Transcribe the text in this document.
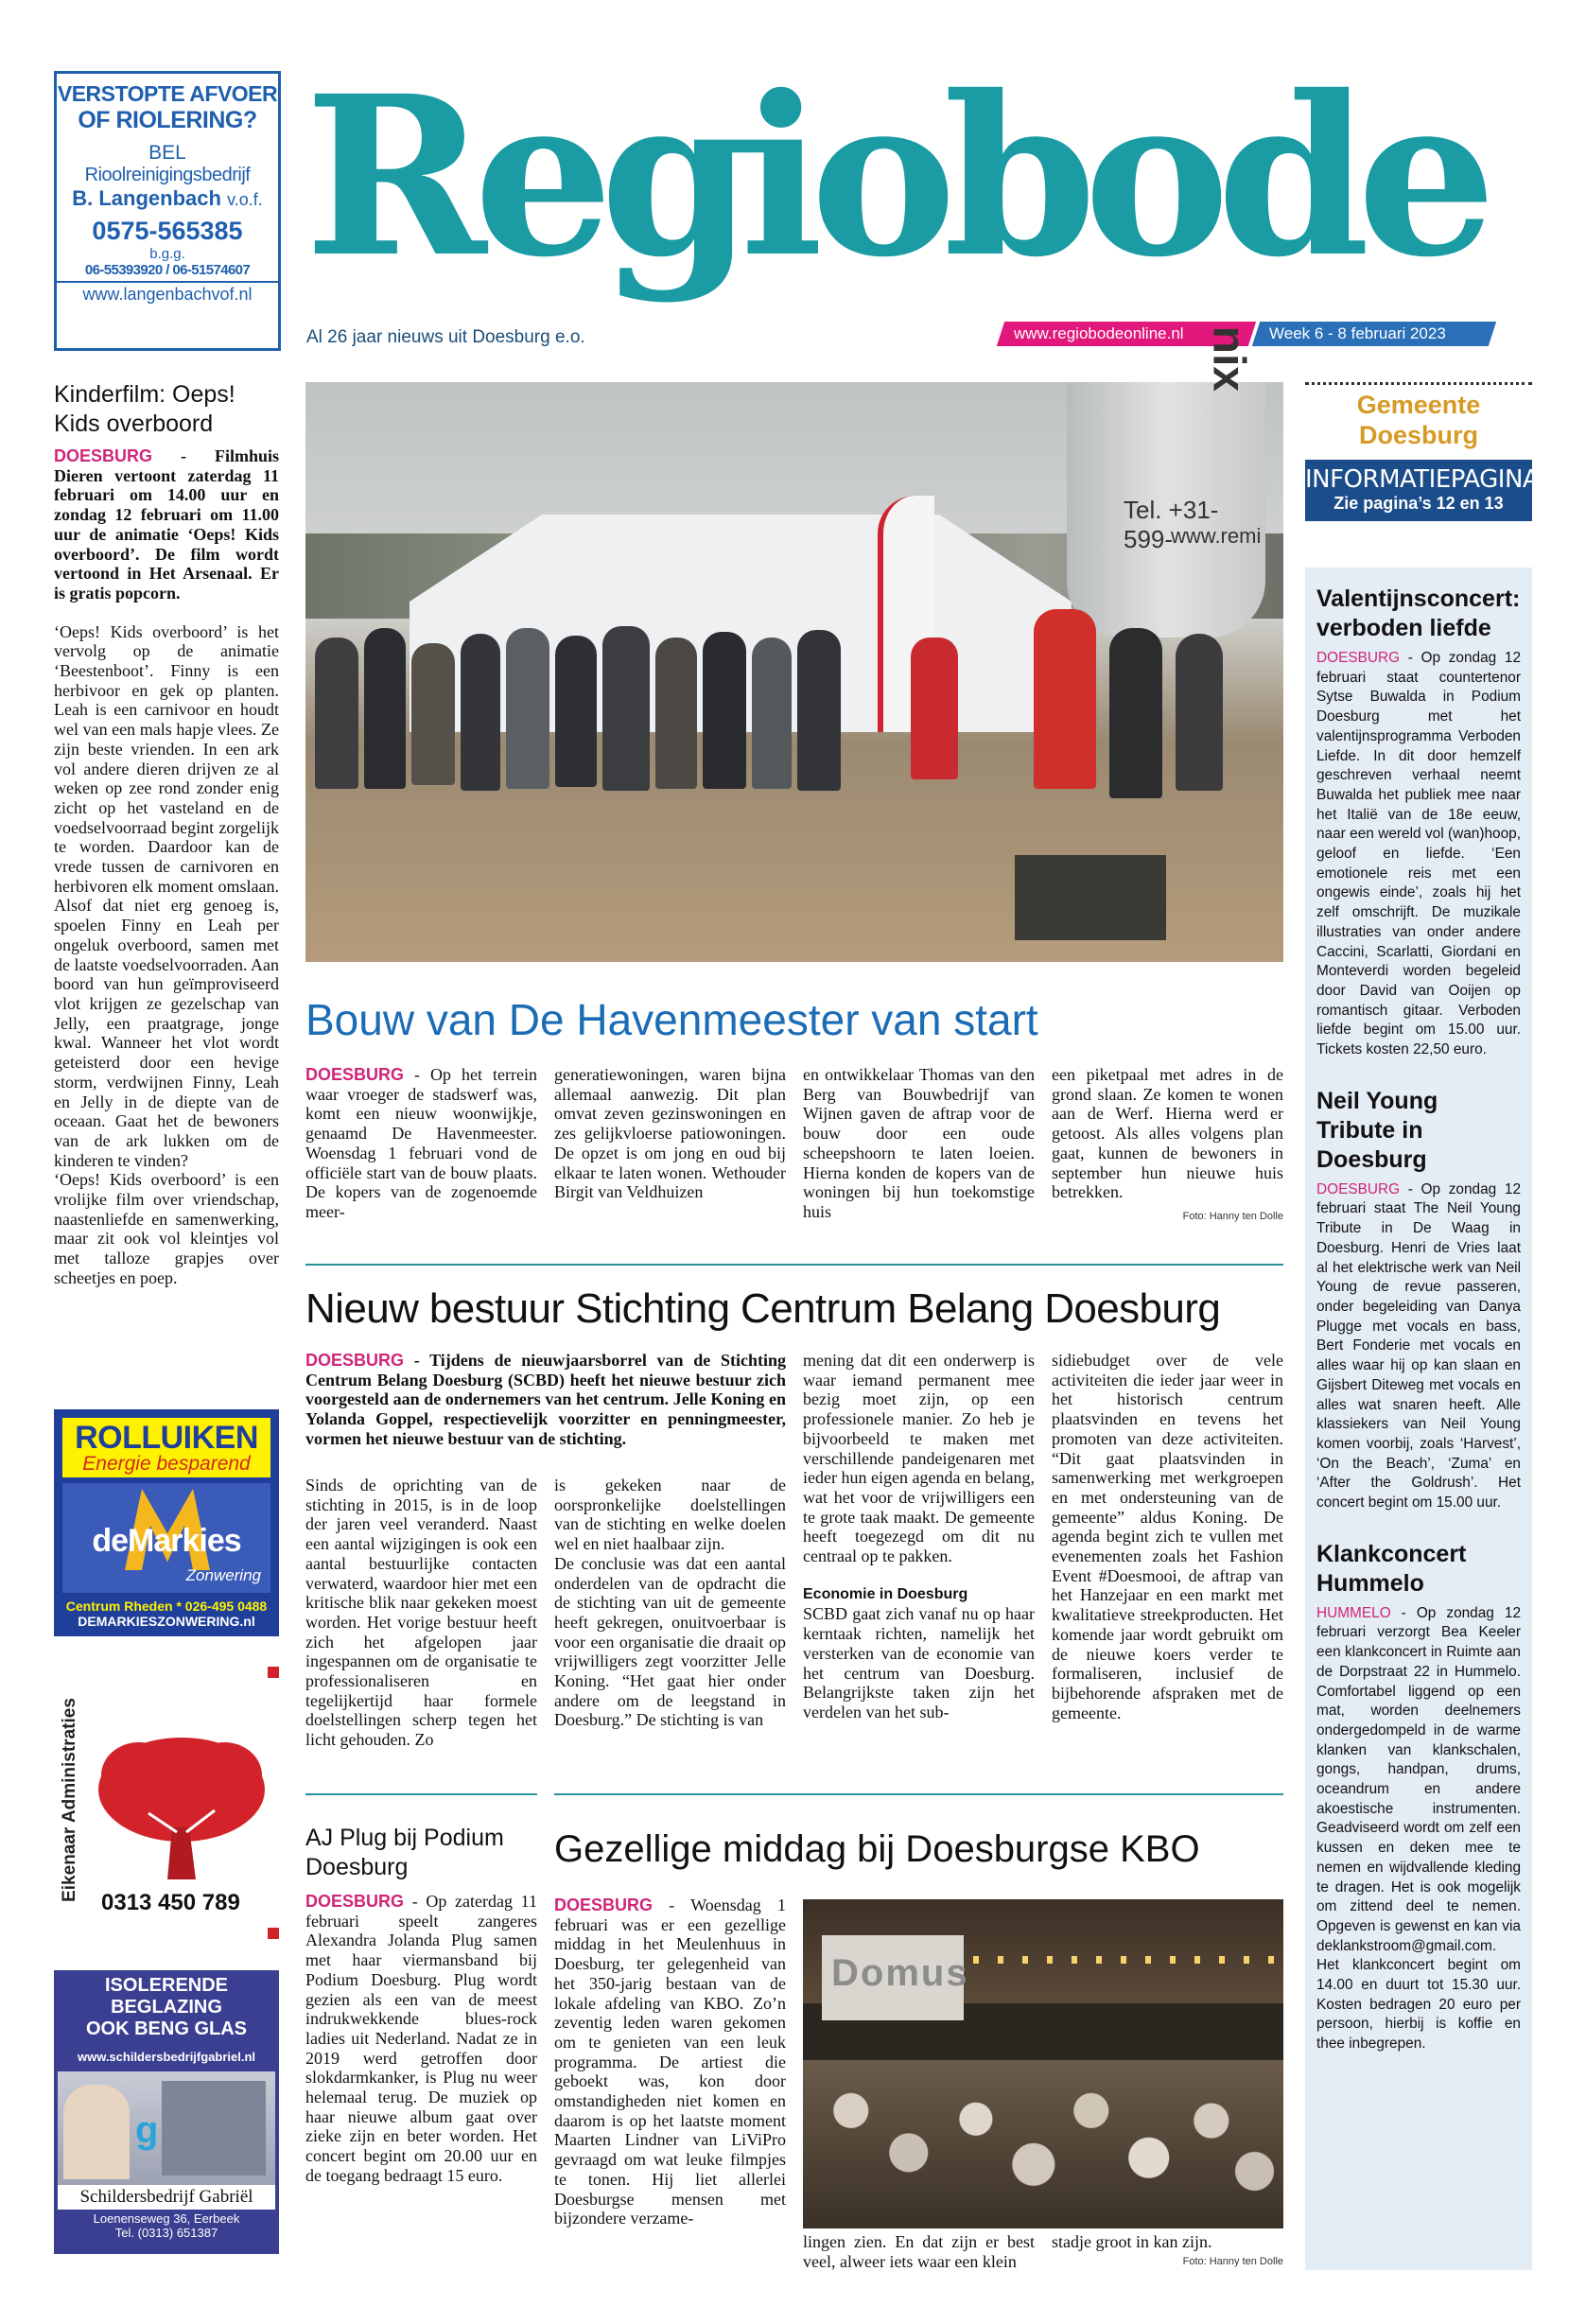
VERSTOPTE AFVOER
OF RIOLERING?
BEL
Rioolreinigingsbedrijf
B. Langenbach v.o.f.
0575-565385
b.g.g.
06-55393920 / 06-51574607
www.langenbachvof.nl Regiobode
Al 26 jaar nieuws uit Doesburg e.o.	www.regiobodeonline.nl	Week 6 - 8 februari 2023
Kinderfilm: Oeps! Kids overboord

DOESBURG - Filmhuis Dieren vertoont zaterdag 11 februari om 14.00 uur en zondag 12 februari om 11.00 uur de animatie ‘Oeps! Kids overboord’. De film wordt vertoond in Het Arsenaal. Er is gratis popcorn.

‘Oeps! Kids overboord’ is het vervolg op de animatie ‘Beestenboot’. Finny is een herbivoor en gek op planten. Leah is een carnivoor en houdt wel van een mals hapje vlees. Ze zijn beste vrienden. In een ark vol andere dieren drijven ze al weken op zee rond zonder enig zicht op het vasteland en de voedselvoorraad begint zorgelijk te worden. Daardoor kan de vrede tussen de carnivoren en herbivoren elk moment omslaan. Alsof dat niet erg genoeg is, spoelen Finny en Leah per ongeluk overboord, samen met de laatste voedselvoorraden. Aan boord van hun geïmproviseerd vlot krijgen ze gezelschap van Jelly, een praatgrage, jonge kwal. Wanneer het vlot wordt geteisterd door een hevige storm, verdwijnen Finny, Leah en Jelly in de diepte van de oceaan. Gaat het de bewoners van de ark lukken om de kinderen te vinden?

‘Oeps! Kids overboord’ is een vrolijke film over vriendschap, naastenliefde en samenwerking, maar zit ook vol kleintjes vol met talloze grapjes over scheetjes en poep.

ROLLUIKEN
Energie besparend
deMarkies
Zonwering
Centrum Rheden * 026-495 0488
DEMARKIESZONWERING.nl
Eikenaar Administraties
0313 450 789
ISOLERENDE
BEGLAZING
OOK BENG GLAS
www.schildersbedrijfgabriel.nl
g
Schildersbedrijf Gabriël
Loenenseweg 36, Eerbeek
Tel. (0313) 651387
nix
Tel. +31-599-
www.remi
Bouw van De Havenmeester van start
DOESBURG - Op het terrein waar vroeger de stadswerf was, komt een nieuw woonwijkje, genaamd De Havenmeester. Woensdag 1 februari vond de officiële start van de bouw plaats. De kopers van de zogenoemde meer-
generatiewoningen, waren bijna allemaal aanwezig. Dit plan omvat zeven gezinswoningen en zes gelijkvloerse patiowoningen. De opzet is om jong en oud bij elkaar te laten wonen. Wethouder Birgit van Veldhuizen
en ontwikkelaar Thomas van den Berg van Bouwbedrijf van Wijnen gaven de aftrap voor de bouw door een oude scheepshoorn te laten loeien. Hierna konden de kopers van de woningen bij hun toekomstige huis
een piketpaal met adres in de grond slaan. Ze komen te wonen aan de Werf. Hierna werd er getoost. Als alles volgens plan gaat, kunnen de bewoners in september hun nieuwe huis betrekken.
Foto: Hanny ten Dolle
Nieuw bestuur Stichting Centrum Belang Doesburg
DOESBURG - Tijdens de nieuwjaarsborrel van de Stichting Centrum Belang Doesburg (SCBD) heeft het nieuwe bestuur zich voorgesteld aan de ondernemers van het centrum. Jelle Koning en Yolanda Goppel, respectievelijk voorzitter en penningmeester, vormen het nieuwe bestuur van de stichting.
Sinds de oprichting van de stichting in 2015, is in de loop der jaren veel veranderd. Naast een aantal wijzigingen is ook een aantal bestuurlijke contacten verwaterd, waardoor hier met een kritische blik naar gekeken moest worden. Het vorige bestuur heeft zich het afgelopen jaar ingespannen om de organisatie te professionaliseren en tegelijkertijd haar formele doelstellingen scherp tegen het licht gehouden. Zo

is gekeken naar de oorspronkelijke doelstellingen van de stichting en welke doelen wel en niet haalbaar zijn.

De conclusie was dat een aantal onderdelen van de opdracht die de stichting van uit de gemeente heeft gekregen, onuitvoerbaar is voor een organisatie die draait op vrijwilligers zegt voorzitter Jelle Koning. “Het gaat hier onder andere om de leegstand in Doesburg.” De stichting is van

mening dat dit een onderwerp is waar iemand permanent mee bezig moet zijn, op een professionele manier. Zo heb je bijvoorbeeld te maken met verschillende pandeigenaren met ieder hun eigen agenda en belang, wat het voor de vrijwilligers een te grote taak maakt. De gemeente heeft toegezegd om dit nu centraal op te pakken.

Economie in Doesburg

SCBD gaat zich vanaf nu op haar kerntaak richten, namelijk het versterken van de economie van het centrum van Doesburg. Belangrijkste taken zijn het verdelen van het sub-

sidiebudget over de vele activiteiten die ieder jaar weer in het historisch centrum plaatsvinden en tevens het promoten van deze activiteiten. “Dit gaat plaatsvinden in samenwerking met werkgroepen en met ondersteuning van de gemeente” aldus Koning. De agenda begint zich te vullen met evenementen zoals het Fashion Event #Doesmooi, de aftrap van het Hanzejaar en een markt met kwalitatieve streekproducten. Het komende jaar wordt gebruikt om de nieuwe koers verder te formaliseren, inclusief de bijbehorende afspraken met de gemeente.
AJ Plug bij Podium Doesburg
DOESBURG - Op zaterdag 11 februari speelt zangeres Alexandra Jolanda Plug samen met haar viermansband bij Podium Doesburg. Plug wordt gezien als een van de meest indrukwekkende blues-rock ladies uit Nederland. Nadat ze in 2019 werd getroffen door slokdarmkanker, is Plug nu weer helemaal terug. De muziek op haar nieuwe album gaat over zieke zijn en beter worden. Het concert begint om 20.00 uur en de toegang bedraagt 15 euro.
Gezellige middag bij Doesburgse KBO
DOESBURG - Woensdag 1 februari was er een gezellige middag in het Meulenhuus in Doesburg, ter gelegenheid van het 350-jarig bestaan van de lokale afdeling van KBO. Zo’n zeventig leden waren gekomen om te genieten van een leuk programma. De artiest die geboekt was, kon door omstandigheden niet komen en daarom is op het laatste moment Maarten Lindner van LiViPro gevraagd om wat leuke filmpjes te tonen. Hij liet allerlei Doesburgse mensen met bijzondere verzame-
Domus
lingen zien. En dat zijn er best veel, alweer iets waar een klein
stadje groot in kan zijn.
Foto: Hanny ten Dolle
Gemeente
Doesburg
INFORMATIEPAGINA
Zie pagina’s 12 en 13
Valentijnsconcert: verboden liefde
DOESBURG - Op zondag 12 februari staat countertenor Sytse Buwalda in Podium Doesburg met het valentijnsprogramma Verboden Liefde. In dit door hemzelf geschreven verhaal neemt Buwalda het publiek mee naar het Italië van de 18e eeuw, naar een wereld vol (wan)hoop, geloof en liefde. ‘Een emotionele reis met een ongewis einde’, zoals hij het zelf omschrijft. De muzikale illustraties van onder andere Caccini, Scarlatti, Giordani en Monteverdi worden begeleid door David van Ooijen op romantisch gitaar. Verboden liefde begint om 15.00 uur. Tickets kosten 22,50 euro.
Neil Young Tribute in Doesburg
DOESBURG - Op zondag 12 februari staat The Neil Young Tribute in De Waag in Doesburg. Henri de Vries laat al het elektrische werk van Neil Young de revue passeren, onder begeleiding van Danya Plugge met vocals en bass, Bert Fonderie met vocals en alles waar hij op kan slaan en Gijsbert Diteweg met vocals en alles wat snaren heeft. Alle klassiekers van Neil Young komen voorbij, zoals ‘Harvest’, ‘On the Beach’, ‘Zuma’ en ‘After the Goldrush’. Het concert begint om 15.00 uur.
Klankconcert Hummelo
HUMMELO - Op zondag 12 februari verzorgt Bea Keeler een klankconcert in Ruimte aan de Dorpstraat 22 in Hummelo. Comfortabel liggend op een mat, worden deelnemers ondergedompeld in de warme klanken van klankschalen, gongs, handpan, drums, oceandrum en andere akoestische instrumenten. Geadviseerd wordt om zelf een kussen en deken mee te nemen en wijdvallende kleding te dragen. Het is ook mogelijk om zittend deel te nemen. Opgeven is gewenst en kan via deklankstroom@gmail.com. Het klankconcert begint om 14.00 en duurt tot 15.30 uur. Kosten bedragen 20 euro per persoon, hierbij is koffie en thee inbegrepen.
